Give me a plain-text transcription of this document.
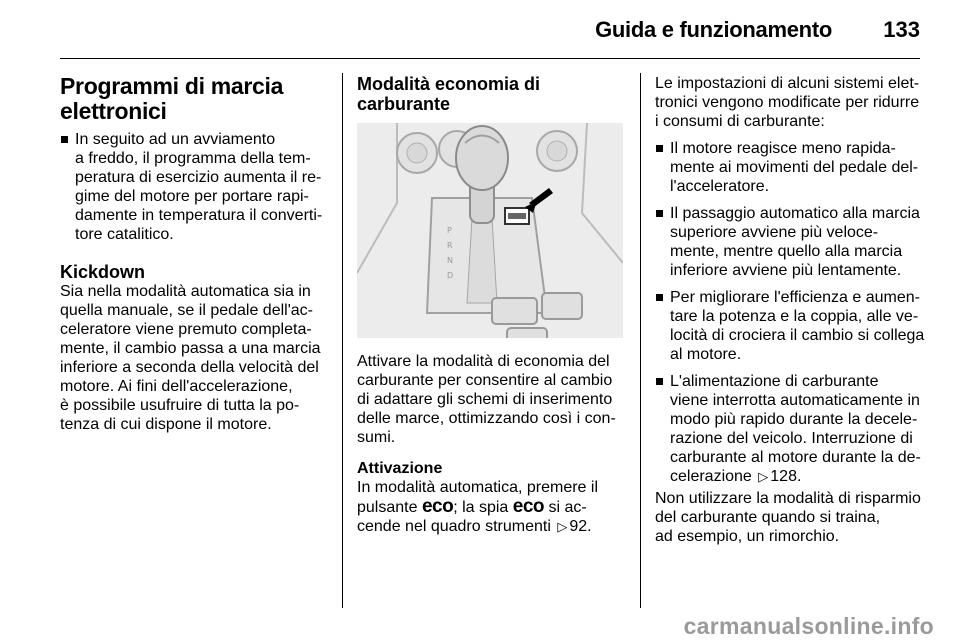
Guida e funzionamento 133
Programmi di marcia
elettronici
In seguito ad un avviamento
a freddo, il programma della tem-
peratura di esercizio aumenta il re-
gime del motore per portare rapi-
damente in temperatura il converti-
tore catalitico.
Kickdown
Sia nella modalità automatica sia in
quella manuale, se il pedale dell'ac-
celeratore viene premuto completa-
mente, il cambio passa a una marcia
inferiore a seconda della velocità del
motore. Ai fini dell'accelerazione,
è possibile usufruire di tutta la po-
tenza di cui dispone il motore.
Modalità economia di
carburante
P
R
N
D
Attivare la modalità di economia del
carburante per consentire al cambio
di adattare gli schemi di inserimento
delle marce, ottimizzando così i con-
sumi.
Attivazione
In modalità automatica, premere il
pulsante eco; la spia eco si ac-
cende nel quadro strumenti ▷ 92.
Le impostazioni di alcuni sistemi elet-
tronici vengono modificate per ridurre
i consumi di carburante:
Il motore reagisce meno rapida-
mente ai movimenti del pedale del-
l'acceleratore.
Il passaggio automatico alla marcia
superiore avviene più veloce-
mente, mentre quello alla marcia
inferiore avviene più lentamente.
Per migliorare l'efficienza e aumen-
tare la potenza e la coppia, alle ve-
locità di crociera il cambio si collega
al motore.
L'alimentazione di carburante
viene interrotta automaticamente in
modo più rapido durante la decele-
razione del veicolo. Interruzione di
carburante al motore durante la de-
celerazione ▷ 128.
Non utilizzare la modalità di risparmio
del carburante quando si traina,
ad esempio, un rimorchio.
carmanualsonline.info
